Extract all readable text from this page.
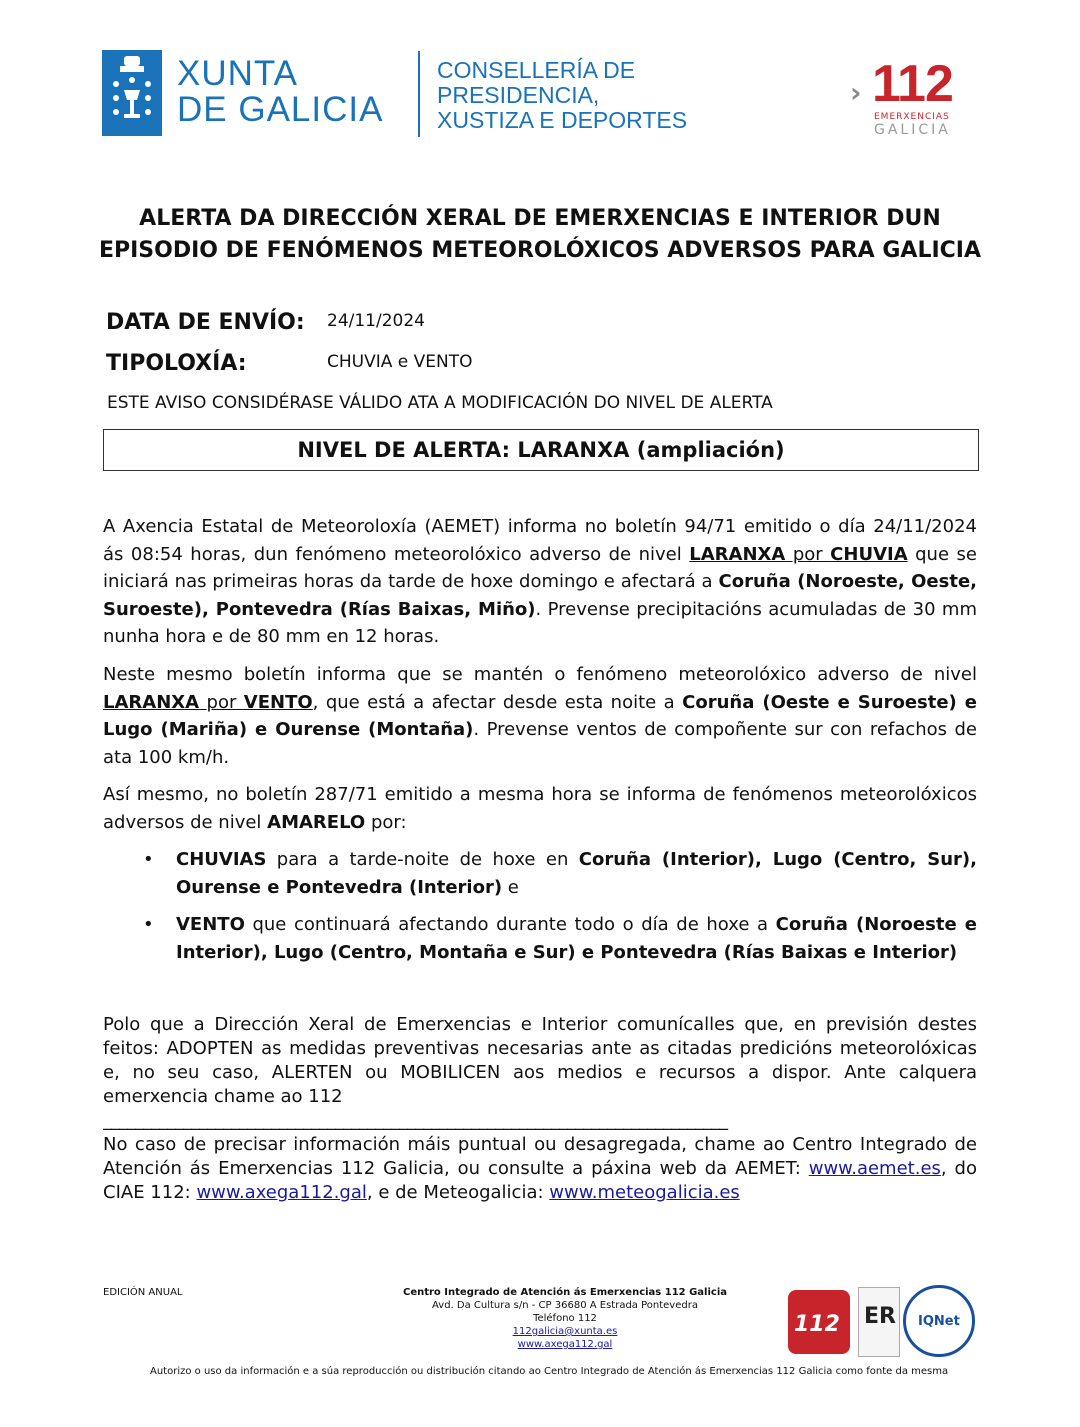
XUNTA
DE GALICIA
CONSELLERÍA DE
PRESIDENCIA,
XUSTIZA E DEPORTES
› 112
EMERXENCIAS
GALICIA
ALERTA DA DIRECCIÓN XERAL DE EMERXENCIAS E INTERIOR DUN
EPISODIO DE FENÓMENOS METEOROLÓXICOS ADVERSOS PARA GALICIA
DATA DE ENVÍO: 24/11/2024
TIPOLOXÍA:	CHUVIA e VENTO
ESTE AVISO CONSIDÉRASE VÁLIDO ATA A MODIFICACIÓN DO NIVEL DE ALERTA
NIVEL DE ALERTA: LARANXA (ampliación)
A Axencia Estatal de Meteoroloxía (AEMET) informa no boletín 94/71 emitido o día 24/11/2024 ás 08:54 horas, dun fenómeno meteorolóxico adverso de nivel LARANXA por CHUVIA que se iniciará nas primeiras horas da tarde de hoxe domingo e afectará a Coruña (Noroeste, Oeste, Suroeste), Pontevedra (Rías Baixas, Miño). Prevense precipitacións acumuladas de 30 mm nunha hora e de 80 mm en 12 horas.
Neste mesmo boletín informa que se mantén o fenómeno meteorolóxico adverso de nivel LARANXA por VENTO, que está a afectar desde esta noite a Coruña (Oeste e Suroeste) e Lugo (Mariña) e Ourense (Montaña). Prevense ventos de compoñente sur con refachos de ata 100 km/h.
Así mesmo, no boletín 287/71 emitido a mesma hora se informa de fenómenos meteorolóxicos adversos de nivel AMARELO por:
• CHUVIAS para a tarde-noite de hoxe en Coruña (Interior), Lugo (Centro, Sur), Ourense e Pontevedra (Interior) e
• VENTO que continuará afectando durante todo o día de hoxe a Coruña (Noroeste e Interior), Lugo (Centro, Montaña e Sur) e Pontevedra (Rías Baixas e Interior)
Polo que a Dirección Xeral de Emerxencias e Interior comunícalles que, en previsión destes feitos: ADOPTEN as medidas preventivas necesarias ante as citadas predicións meteorolóxicas e, no seu caso, ALERTEN ou MOBILICEN aos medios e recursos a dispor. Ante calquera emerxencia chame ao 112
______________________________________________________________________________
No caso de precisar información máis puntual ou desagregada, chame ao Centro Integrado de Atención ás Emerxencias 112 Galicia, ou consulte a páxina web da AEMET: www.aemet.es, do CIAE 112: www.axega112.gal, e de Meteogalicia: www.meteogalicia.es
EDICIÓN ANUAL	Centro Integrado de Atención ás Emerxencias 112 Galicia
Avd. Da Cultura s/n - CP 36680 A Estrada Pontevedra
Teléfono 112
112galicia@xunta.es
www.axega112.gal
112 ER IQNet
Autorizo o uso da información e a súa reproducción ou distribución citando ao Centro Integrado de Atención ás Emerxencias 112 Galicia como fonte da mesma
